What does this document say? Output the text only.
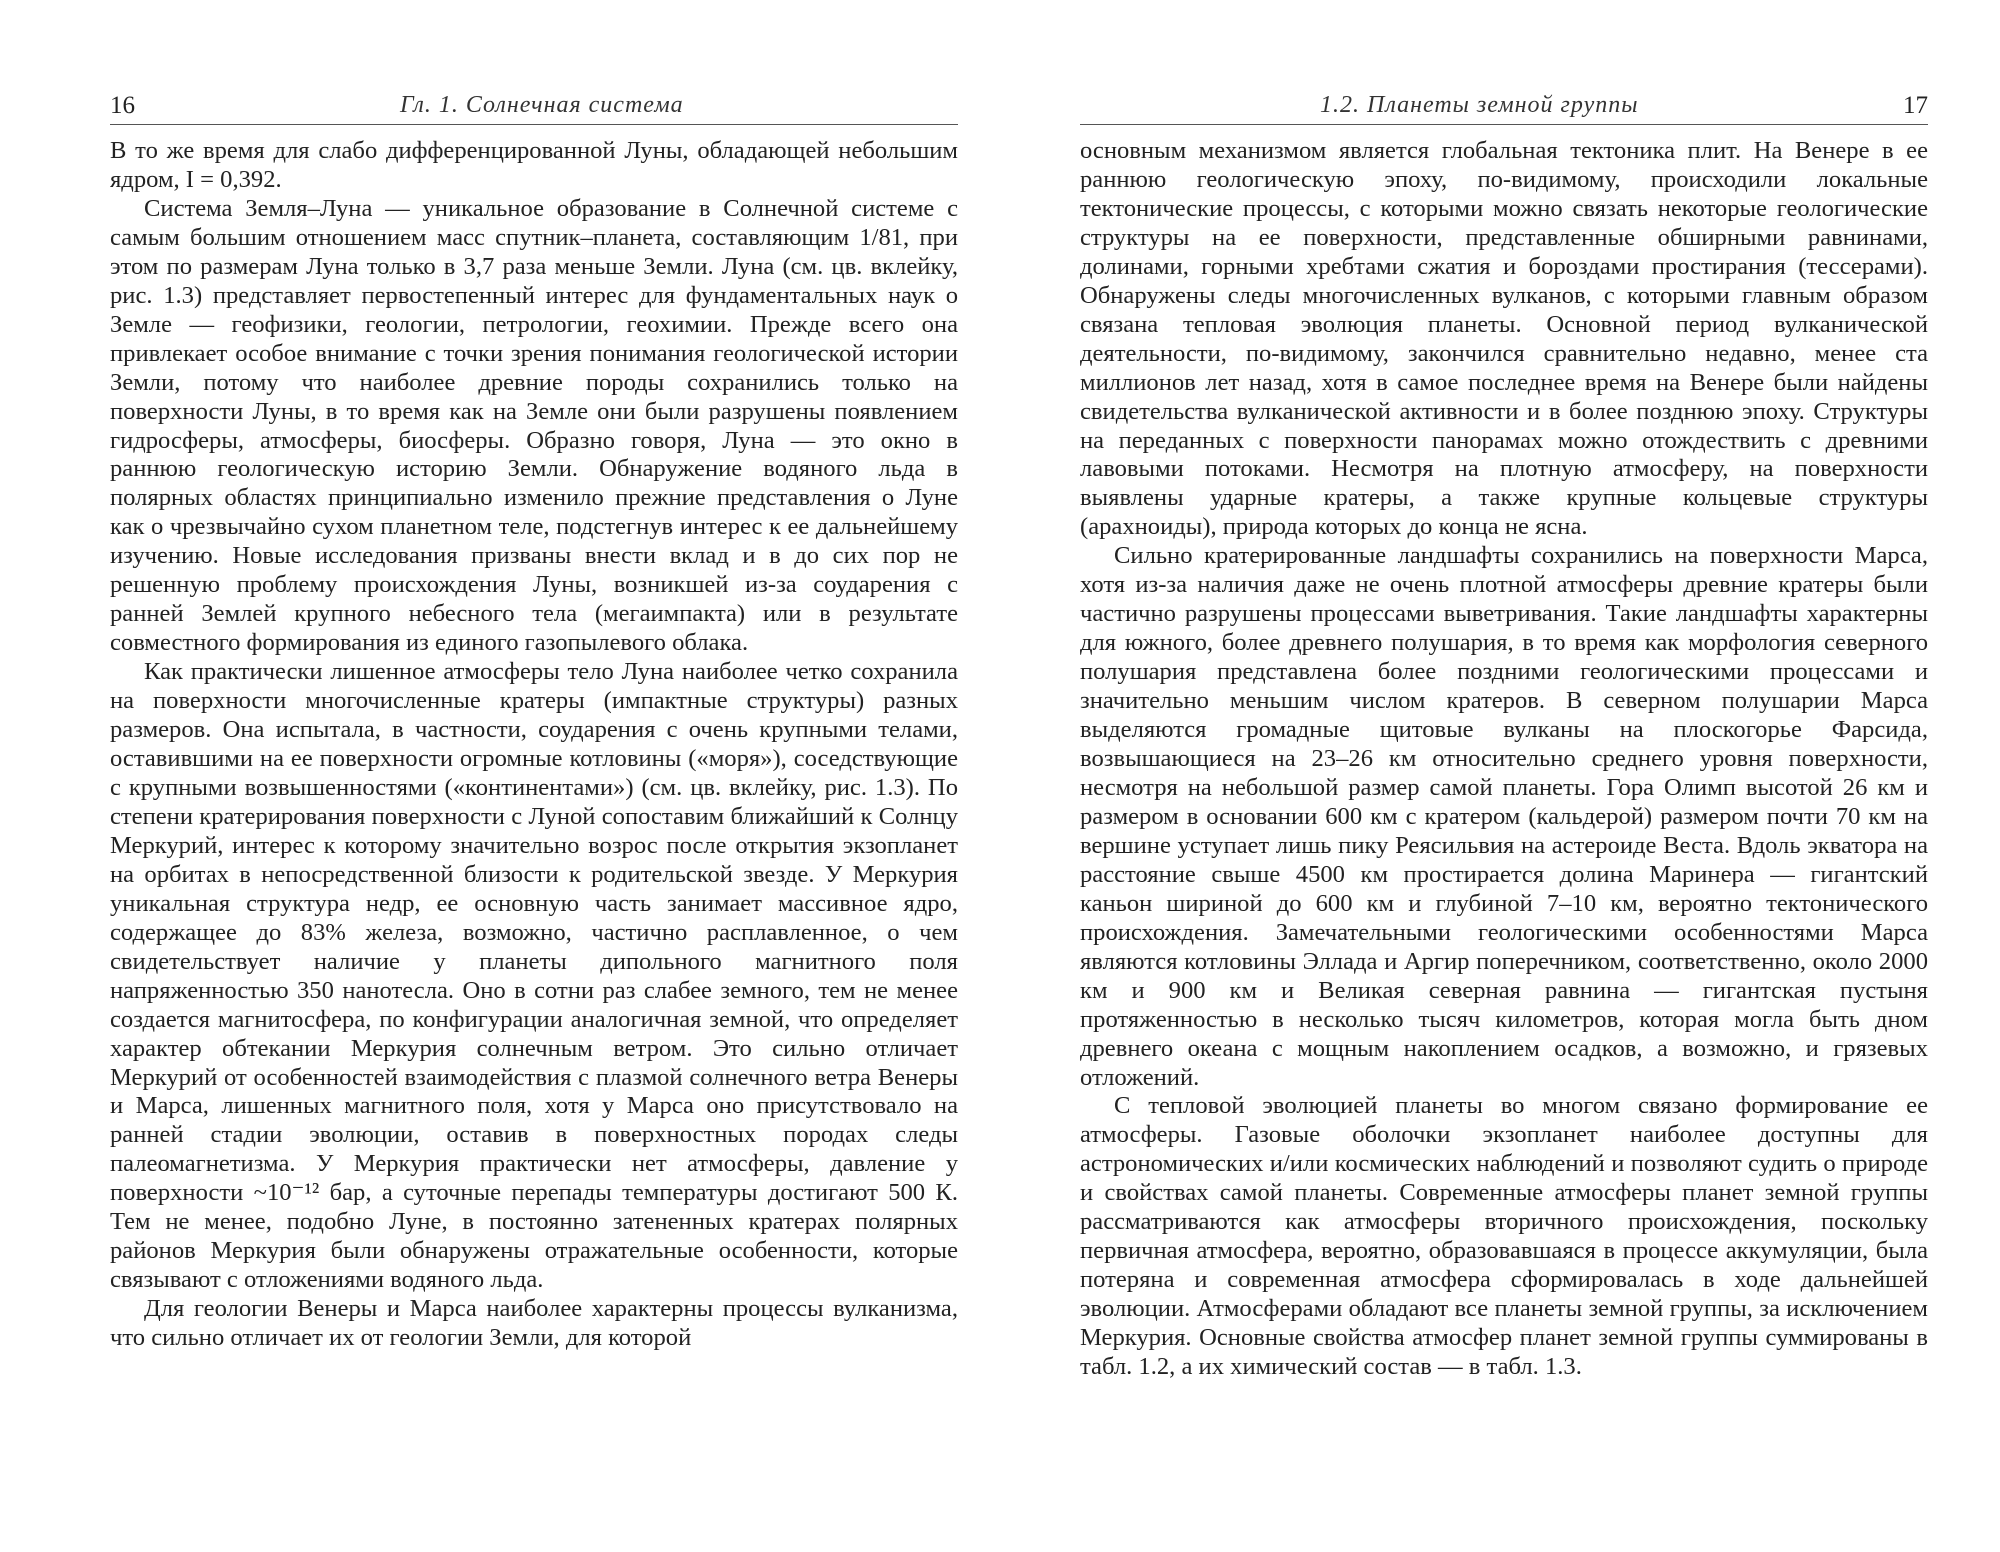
16	Гл. 1. Солнечная система

В то же время для слабо дифференцированной Луны, обладающей небольшим ядром, I = 0,392.

Система Земля–Луна — уникальное образование в Солнечной системе с самым большим отношением масс спутник–планета, составляющим 1/81, при этом по размерам Луна только в 3,7 раза меньше Земли. Луна (см. цв. вклейку, рис. 1.3) представляет первостепенный интерес для фундаментальных наук о Земле — геофизики, геологии, петрологии, геохимии. Прежде всего она привлекает особое внимание с точки зрения понимания геологической истории Земли, потому что наиболее древние породы сохранились только на поверхности Луны, в то время как на Земле они были разрушены появлением гидросферы, атмосферы, биосферы. Образно говоря, Луна — это окно в раннюю геологическую историю Земли. Обнаружение водяного льда в полярных областях принципиально изменило прежние представления о Луне как о чрезвычайно сухом планетном теле, подстегнув интерес к ее дальнейшему изучению. Новые исследования призваны внести вклад и в до сих пор не решенную проблему происхождения Луны, возникшей из-за соударения с ранней Землей крупного небесного тела (мегаимпакта) или в результате совместного формирования из единого газопылевого облака.

Как практически лишенное атмосферы тело Луна наиболее четко сохранила на поверхности многочисленные кратеры (импактные структуры) разных размеров. Она испытала, в частности, соударения с очень крупными телами, оставившими на ее поверхности огромные котловины («моря»), соседствующие с крупными возвышенностями («континентами») (см. цв. вклейку, рис. 1.3). По степени кратерирования поверхности с Луной сопоставим ближайший к Солнцу Меркурий, интерес к которому значительно возрос после открытия экзопланет на орбитах в непосредственной близости к родительской звезде. У Меркурия уникальная структура недр, ее основную часть занимает массивное ядро, содержащее до 83% железа, возможно, частично расплавленное, о чем свидетельствует наличие у планеты дипольного магнитного поля напряженностью 350 нанотесла. Оно в сотни раз слабее земного, тем не менее создается магнитосфера, по конфигурации аналогичная земной, что определяет характер обтекании Меркурия солнечным ветром. Это сильно отличает Меркурий от особенностей взаимодействия с плазмой солнечного ветра Венеры и Марса, лишенных магнитного поля, хотя у Марса оно присутствовало на ранней стадии эволюции, оставив в поверхностных породах следы палеомагнетизма. У Меркурия практически нет атмосферы, давление у поверхности ~10⁻¹² бар, а суточные перепады температуры достигают 500 К. Тем не менее, подобно Луне, в постоянно затененных кратерах полярных районов Меркурия были обнаружены отражательные особенности, которые связывают с отложениями водяного льда.

Для геологии Венеры и Марса наиболее характерны процессы вулканизма, что сильно отличает их от геологии Земли, для которой

1.2. Планеты земной группы	17

основным механизмом является глобальная тектоника плит. На Венере в ее раннюю геологическую эпоху, по-видимому, происходили локальные тектонические процессы, с которыми можно связать некоторые геологические структуры на ее поверхности, представленные обширными равнинами, долинами, горными хребтами сжатия и бороздами простирания (тессерами). Обнаружены следы многочисленных вулканов, с которыми главным образом связана тепловая эволюция планеты. Основной период вулканической деятельности, по-видимому, закончился сравнительно недавно, менее ста миллионов лет назад, хотя в самое последнее время на Венере были найдены свидетельства вулканической активности и в более позднюю эпоху. Структуры на переданных с поверхности панорамах можно отождествить с древними лавовыми потоками. Несмотря на плотную атмосферу, на поверхности выявлены ударные кратеры, а также крупные кольцевые структуры (арахноиды), природа которых до конца не ясна.

Сильно кратерированные ландшафты сохранились на поверхности Марса, хотя из-за наличия даже не очень плотной атмосферы древние кратеры были частично разрушены процессами выветривания. Такие ландшафты характерны для южного, более древнего полушария, в то время как морфология северного полушария представлена более поздними геологическими процессами и значительно меньшим числом кратеров. В северном полушарии Марса выделяются громадные щитовые вулканы на плоскогорье Фарсида, возвышающиеся на 23–26 км относительно среднего уровня поверхности, несмотря на небольшой размер самой планеты. Гора Олимп высотой 26 км и размером в основании 600 км с кратером (кальдерой) размером почти 70 км на вершине уступает лишь пику Реясильвия на астероиде Веста. Вдоль экватора на расстояние свыше 4500 км простирается долина Маринера — гигантский каньон шириной до 600 км и глубиной 7–10 км, вероятно тектонического происхождения. Замечательными геологическими особенностями Марса являются котловины Эллада и Аргир поперечником, соответственно, около 2000 км и 900 км и Великая северная равнина — гигантская пустыня протяженностью в несколько тысяч километров, которая могла быть дном древнего океана с мощным накоплением осадков, а возможно, и грязевых отложений.

С тепловой эволюцией планеты во многом связано формирование ее атмосферы. Газовые оболочки экзопланет наиболее доступны для астрономических и/или космических наблюдений и позволяют судить о природе и свойствах самой планеты. Современные атмосферы планет земной группы рассматриваются как атмосферы вторичного происхождения, поскольку первичная атмосфера, вероятно, образовавшаяся в процессе аккумуляции, была потеряна и современная атмосфера сформировалась в ходе дальнейшей эволюции. Атмосферами обладают все планеты земной группы, за исключением Меркурия. Основные свойства атмосфер планет земной группы суммированы в табл. 1.2, а их химический состав — в табл. 1.3.
